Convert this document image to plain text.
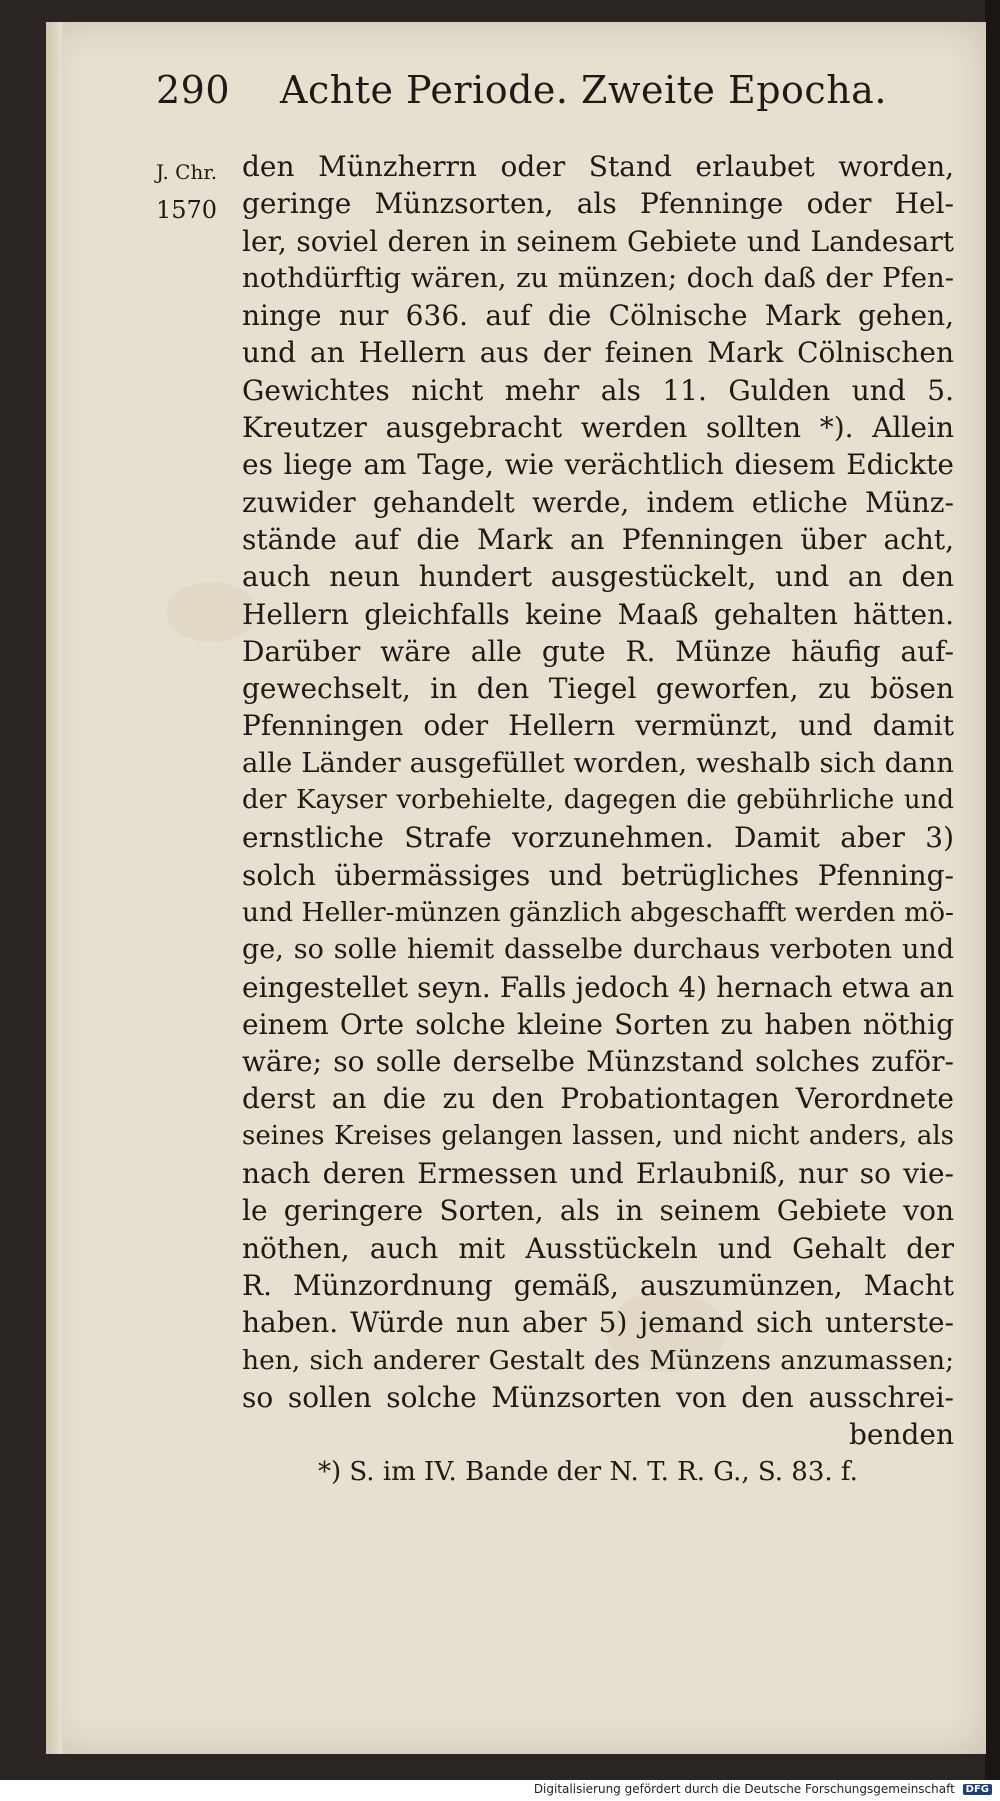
290 Achte Periode. Zweite Epocha.
J. Chr.
1570
den Münzherrn oder Stand erlaubet worden,
geringe Münzsorten, als Pfenninge oder Hel-
ler, soviel deren in seinem Gebiete und Landesart
nothdürftig wären, zu münzen; doch daß der Pfen-
ninge nur 636. auf die Cölnische Mark gehen,
und an Hellern aus der feinen Mark Cölnischen
Gewichtes nicht mehr als 11. Gulden und 5.
Kreutzer ausgebracht werden sollten *). Allein
es liege am Tage, wie verächtlich diesem Edickte
zuwider gehandelt werde, indem etliche Münz-
stände auf die Mark an Pfenningen über acht,
auch neun hundert ausgestückelt, und an den
Hellern gleichfalls keine Maaß gehalten hätten.
Darüber wäre alle gute R. Münze häufig auf-
gewechselt, in den Tiegel geworfen, zu bösen
Pfenningen oder Hellern vermünzt, und damit
alle Länder ausgefüllet worden, weshalb sich dann
der Kayser vorbehielte, dagegen die gebührliche und
ernstliche Strafe vorzunehmen. Damit aber 3)
solch übermässiges und betrügliches Pfenning-
und Heller-münzen gänzlich abgeschafft werden mö-
ge, so solle hiemit dasselbe durchaus verboten und
eingestellet seyn. Falls jedoch 4) hernach etwa an
einem Orte solche kleine Sorten zu haben nöthig
wäre; so solle derselbe Münzstand solches zuför-
derst an die zu den Probationtagen Verordnete
seines Kreises gelangen lassen, und nicht anders, als
nach deren Ermessen und Erlaubniß, nur so vie-
le geringere Sorten, als in seinem Gebiete von
nöthen, auch mit Ausstückeln und Gehalt der
R. Münzordnung gemäß, auszumünzen, Macht
haben. Würde nun aber 5) jemand sich unterste-
hen, sich anderer Gestalt des Münzens anzumassen;
so sollen solche Münzsorten von den ausschrei-
benden
*) S. im IV. Bande der N. T. R. G., S. 83. f.
Digitalisierung gefördert durch die Deutsche Forschungsgemeinschaft DFG
